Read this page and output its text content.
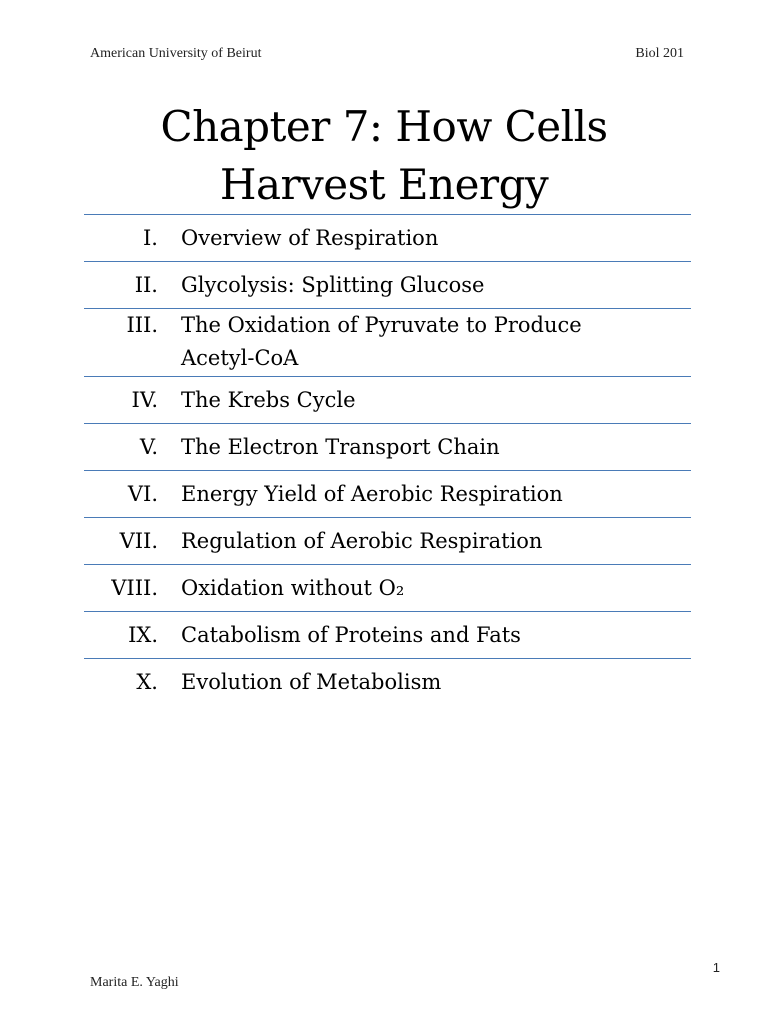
American University of Beirut	Biol 201
Chapter 7: How Cells
Harvest Energy
I. Overview of Respiration
II. Glycolysis: Splitting Glucose
III. The Oxidation of Pyruvate to Produce
Acetyl-CoA
IV. The Krebs Cycle
V. The Electron Transport Chain
VI. Energy Yield of Aerobic Respiration
VII. Regulation of Aerobic Respiration
VIII. Oxidation without O₂
IX. Catabolism of Proteins and Fats
X. Evolution of Metabolism
1
Marita E. Yaghi
